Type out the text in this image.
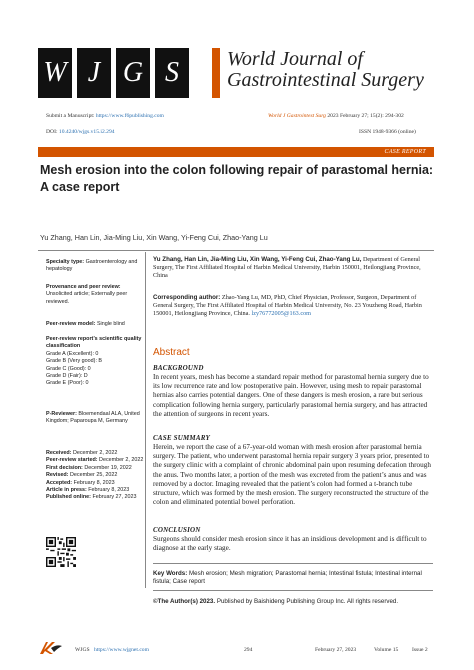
W J G S	World Journal of
Gastrointestinal Surgery
Submit a Manuscript: https://www.f6publishing.com	World J Gastrointest Surg 2023 February 27; 15(2): 294-302
DOI: 10.4240/wjgs.v15.i2.294	ISSN 1948-9366 (online)
CASE REPORT
Mesh erosion into the colon following repair of parastomal hernia: A case report
Yu Zhang, Han Lin, Jia-Ming Liu, Xin Wang, Yi-Feng Cui, Zhao-Yang Lu
Specialty type: Gastroenterology and hepatology
Provenance and peer review:
Unsolicited article; Externally peer reviewed.
Peer-review model: Single blind
Peer-review report’s scientific quality classification
Grade A (Excellent): 0
Grade B (Very good): B
Grade C (Good): 0
Grade D (Fair): D
Grade E (Poor): 0
P-Reviewer: Bloemendaal ALA, United Kingdom; Paparoupa M, Germany
Received: December 2, 2022
Peer-review started: December 2, 2022
First decision: December 19, 2022
Revised: December 25, 2022
Accepted: February 8, 2023
Article in press: February 8, 2023
Published online: February 27, 2023
Yu Zhang, Han Lin, Jia-Ming Liu, Xin Wang, Yi-Feng Cui, Zhao-Yang Lu, Department of General Surgery, The First Affiliated Hospital of Harbin Medical University, Harbin 150001, Heilongjiang Province, China
Corresponding author: Zhao-Yang Lu, MD, PhD, Chief Physician, Professor, Surgeon, Department of General Surgery, The First Affiliated Hospital of Harbin Medical University, No. 23 Youzheng Road, Harbin 150001, Heilongjiang Province, China. lzy76772005@163.com
Abstract
BACKGROUND
In recent years, mesh has become a standard repair method for parastomal hernia surgery due to its low recurrence rate and low postoperative pain. However, using mesh to repair parastomal hernias also carries potential dangers. One of these dangers is mesh erosion, a rare but serious complication following hernia surgery, particularly parastomal hernia surgery, and has attracted the attention of surgeons in recent years.
CASE SUMMARY
Herein, we report the case of a 67-year-old woman with mesh erosion after parastomal hernia surgery. The patient, who underwent parastomal hernia repair surgery 3 years prior, presented to the surgery clinic with a complaint of chronic abdominal pain upon resuming defecation through the anus. Two months later, a portion of the mesh was excreted from the patient’s anus and was removed by a doctor. Imaging revealed that the patient’s colon had formed a t-branch tube structure, which was formed by the mesh erosion. The surgery reconstructed the structure of the colon and eliminated potential bowel perforation.
CONCLUSION
Surgeons should consider mesh erosion since it has an insidious development and is difficult to diagnose at the early stage.
Key Words: Mesh erosion; Mesh migration; Parastomal hernia; Intestinal fistula; Intestinal internal fistula; Case report
©The Author(s) 2023. Published by Baishideng Publishing Group Inc. All rights reserved.
WJGS https://www.wjgnet.com	294	February 27, 2023	Volume 15 Issue 2
